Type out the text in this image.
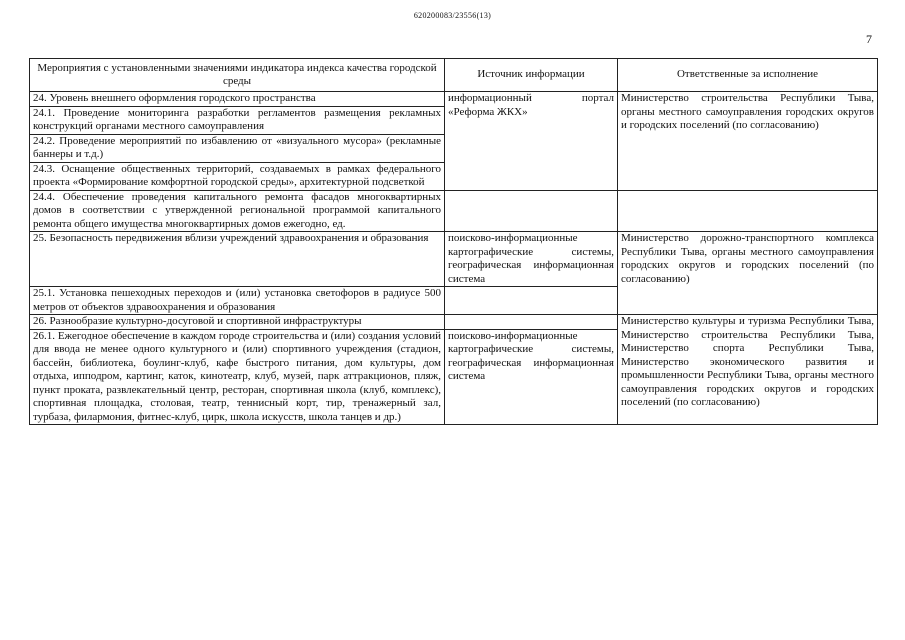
620200083/23556(13)
7
Мероприятия с установленными значениями индикатора индекса качества городской среды	Источник информации	Ответственные за исполнение
24. Уровень внешнего оформления городского пространства	информационный портал «Реформа ЖКХ»	Министерство строительства Республики Тыва, органы местного самоуправления городских округов и городских поселений (по согласованию)
24.1. Проведение мониторинга разработки регламентов размещения рекламных конструкций органами местного самоуправления		
24.2. Проведение мероприятий по избавлению от «визуального мусора» (рекламные баннеры и т.д.)		
24.3. Оснащение общественных территорий, создаваемых в рамках федерального проекта «Формирование комфортной городской среды», архитектурной подсветкой		
24.4. Обеспечение проведения капитального ремонта фасадов многоквартирных домов в соответствии с утвержденной региональной программой капитального ремонта общего имущества многоквартирных домов ежегодно, ед.		
25. Безопасность передвижения вблизи учреждений здравоохранения и образования	поисково-информационные картографические системы, географическая информационная система	Министерство дорожно-транспортного комплекса Республики Тыва, органы местного самоуправления городских округов и городских поселений (по согласованию)
25.1. Установка пешеходных переходов и (или) установка светофоров в радиусе 500 метров от объектов здравоохранения и образования		
26. Разнообразие культурно-досуговой и спортивной инфраструктуры		Министерство культуры и туризма Республики Тыва, Министерство строительства Республики Тыва, Министерство спорта Республики Тыва, Министерство экономического развития и промышленности Республики Тыва, органы местного самоуправления городских округов и городских поселений (по согласованию)
26.1. Ежегодное обеспечение в каждом городе строительства и (или) создания условий для ввода не менее одного культурного и (или) спортивного учреждения (стадион, бассейн, библиотека, боулинг-клуб, кафе быстрого питания, дом культуры, дом отдыха, ипподром, картинг, каток, кинотеатр, клуб, музей, парк аттракционов, пляж, пункт проката, развлекательный центр, ресторан, спортивная школа (клуб, комплекс), спортивная площадка, столовая, театр, теннисный корт, тир, тренажерный зал, турбаза, филармония, фитнес-клуб, цирк, школа искусств, школа танцев и др.)	поисково-информационные картографические системы, географическая информационная система	
